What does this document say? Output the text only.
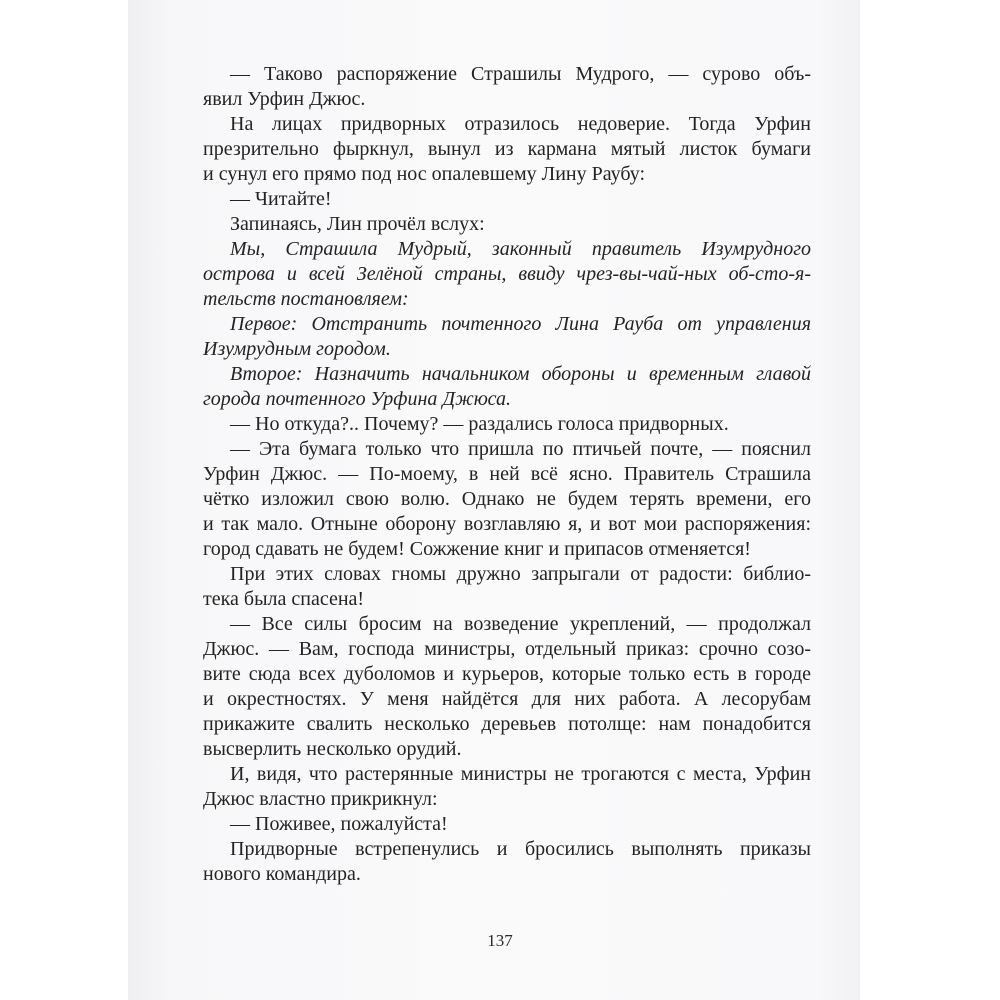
— Таково распоряжение Страшилы Мудрого, — сурово объ-
явил Урфин Джюс.

На лицах придворных отразилось недоверие. Тогда Урфин
презрительно фыркнул, вынул из кармана мятый листок бумаги
и сунул его прямо под нос опалевшему Лину Раубу:

— Читайте!

Запинаясь, Лин прочёл вслух:

Мы, Страшила Мудрый, законный правитель Изумрудного
острова и всей Зелёной страны, ввиду чрез-вы-чай-ных об-сто-я-
тельств постановляем:

Первое: Отстранить почтенного Лина Рауба от управления
Изумрудным городом.

Второе: Назначить начальником обороны и временным главой
города почтенного Урфина Джюса.

— Но откуда?.. Почему? — раздались голоса придворных.

— Эта бумага только что пришла по птичьей почте, — пояснил
Урфин Джюс. — По-моему, в ней всё ясно. Правитель Страшила
чётко изложил свою волю. Однако не будем терять времени, его
и так мало. Отныне оборону возглавляю я, и вот мои распоряжения:
город сдавать не будем! Сожжение книг и припасов отменяется!

При этих словах гномы дружно запрыгали от радости: библио-
тека была спасена!

— Все силы бросим на возведение укреплений, — продолжал
Джюс. — Вам, господа министры, отдельный приказ: срочно созо-
вите сюда всех дуболомов и курьеров, которые только есть в городе
и окрестностях. У меня найдётся для них работа. А лесорубам
прикажите свалить несколько деревьев потолще: нам понадобится
высверлить несколько орудий.

И, видя, что растерянные министры не трогаются с места, Урфин
Джюс властно прикрикнул:

— Поживее, пожалуйста!

Придворные встрепенулись и бросились выполнять приказы
нового командира.

137
